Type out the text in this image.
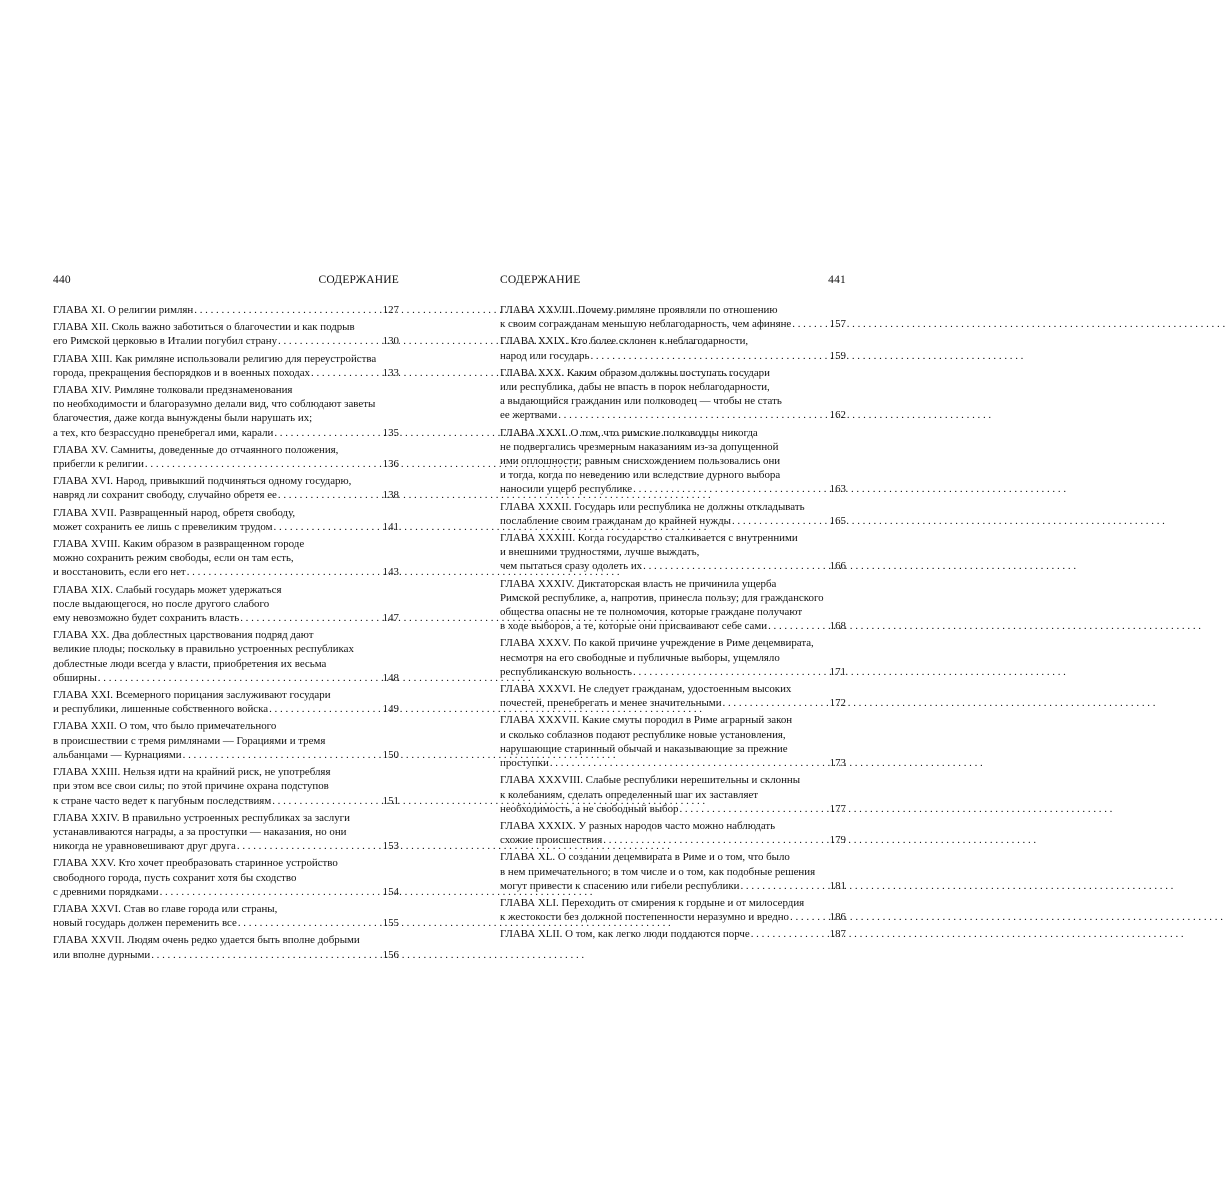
440	СОДЕРЖАНИЕ
ГЛАВА XI. О религии римлян . . .	127
ГЛАВА XII. Сколь важно заботиться о благочестии и как подрыв
его Римской церковью в Италии погубил страну . . .	130
ГЛАВА XIII. Как римляне использовали религию для переустройства
города, прекращения беспорядков и в военных походах . . .	133
ГЛАВА XIV. Римляне толковали предзнаменования
по необходимости и благоразумно делали вид, что соблюдают заветы
благочестия, даже когда вынуждены были нарушать их;
а тех, кто безрассудно пренебрегал ими, карали . . .	135
ГЛАВА XV. Самниты, доведенные до отчаянного положения,
прибегли к религии . . .	136
ГЛАВА XVI. Народ, привыкший подчиняться одному государю,
навряд ли сохранит свободу, случайно обретя ее . . .	138
ГЛАВА XVII. Развращенный народ, обретя свободу,
может сохранить ее лишь с превеликим трудом . . .	141
ГЛАВА XVIII. Каким образом в развращенном городе
можно сохранить режим свободы, если он там есть,
и восстановить, если его нет . . .	143
ГЛАВА XIX. Слабый государь может удержаться
после выдающегося, но после другого слабого
ему невозможно будет сохранить власть . . .	147
ГЛАВА XX. Два доблестных царствования подряд дают
великие плоды; поскольку в правильно устроенных республиках
доблестные люди всегда у власти, приобретения их весьма
обширны . . .	148
ГЛАВА XXI. Всемерного порицания заслуживают государи
и республики, лишенные собственного войска . . .	149
ГЛАВА XXII. О том, что было примечательного
в происшествии с тремя римлянами — Горациями и тремя
альбанцами — Курнациями . . .	150
ГЛАВА XXIII. Нельзя идти на крайний риск, не употребляя
при этом все свои силы; по этой причине охрана подступов
к стране часто ведет к пагубным последствиям . . .	151
ГЛАВА XXIV. В правильно устроенных республиках за заслуги
устанавливаются награды, а за проступки — наказания, но они
никогда не уравновешивают друг друга . . .	153
ГЛАВА XXV. Кто хочет преобразовать старинное устройство
свободного города, пусть сохранит хотя бы сходство
с древними порядками . . .	154
ГЛАВА XXVI. Став во главе города или страны,
новый государь должен переменить все . . .	155
ГЛАВА XXVII. Людям очень редко удается быть вполне добрыми
или вполне дурными . . .	156
СОДЕРЖАНИЕ	441
ГЛАВА XXVIII. Почему римляне проявляли по отношению
к своим согражданам меньшую неблагодарность, чем афиняне . . .	157
ГЛАВА XXIX. Кто более склонен к неблагодарности,
народ или государь . . .	159
ГЛАВА XXX. Каким образом должны поступать государи
или республика, дабы не впасть в порок неблагодарности,
а выдающийся гражданин или полководец — чтобы не стать
ее жертвами . . .	162
ГЛАВА XXXI. О том, что римские полководцы никогда
не подвергались чрезмерным наказаниям из-за допущенной
ими оплошности; равным снисхождением пользовались они
и тогда, когда по неведению или вследствие дурного выбора
наносили ущерб республике . . .	163
ГЛАВА XXXII. Государь или республика не должны откладывать
послабление своим гражданам до крайней нужды . . .	165
ГЛАВА XXXIII. Когда государство сталкивается с внутренними
и внешними трудностями, лучше выждать,
чем пытаться сразу одолеть их . . .	166
ГЛАВА XXXIV. Диктаторская власть не причинила ущерба
Римской республике, а, напротив, принесла пользу; для гражданского
общества опасны не те полномочия, которые граждане получают
в ходе выборов, а те, которые они присваивают себе сами . . .	168
ГЛАВА XXXV. По какой причине учреждение в Риме децемвирата,
несмотря на его свободные и публичные выборы, ущемляло
республиканскую вольность . . .	171
ГЛАВА XXXVI. Не следует гражданам, удостоенным высоких
почестей, пренебрегать и менее значительными . . .	172
ГЛАВА XXXVII. Какие смуты породил в Риме аграрный закон
и сколько соблазнов подают республике новые установления,
нарушающие старинный обычай и наказывающие за прежние
проступки . . .	173
ГЛАВА XXXVIII. Слабые республики нерешительны и склонны
к колебаниям, сделать определенный шаг их заставляет
необходимость, а не свободный выбор . . .	177
ГЛАВА XXXIX. У разных народов часто можно наблюдать
схожие происшествия . . .	179
ГЛАВА XL. О создании децемвирата в Риме и о том, что было
в нем примечательного; в том числе и о том, как подобные решения
могут привести к спасению или гибели республики . . .	181
ГЛАВА XLI. Переходить от смирения к гордыне и от милосердия
к жестокости без должной постепенности неразумно и вредно . . .	186
ГЛАВА XLII. О том, как легко люди поддаются порче . . .	187
